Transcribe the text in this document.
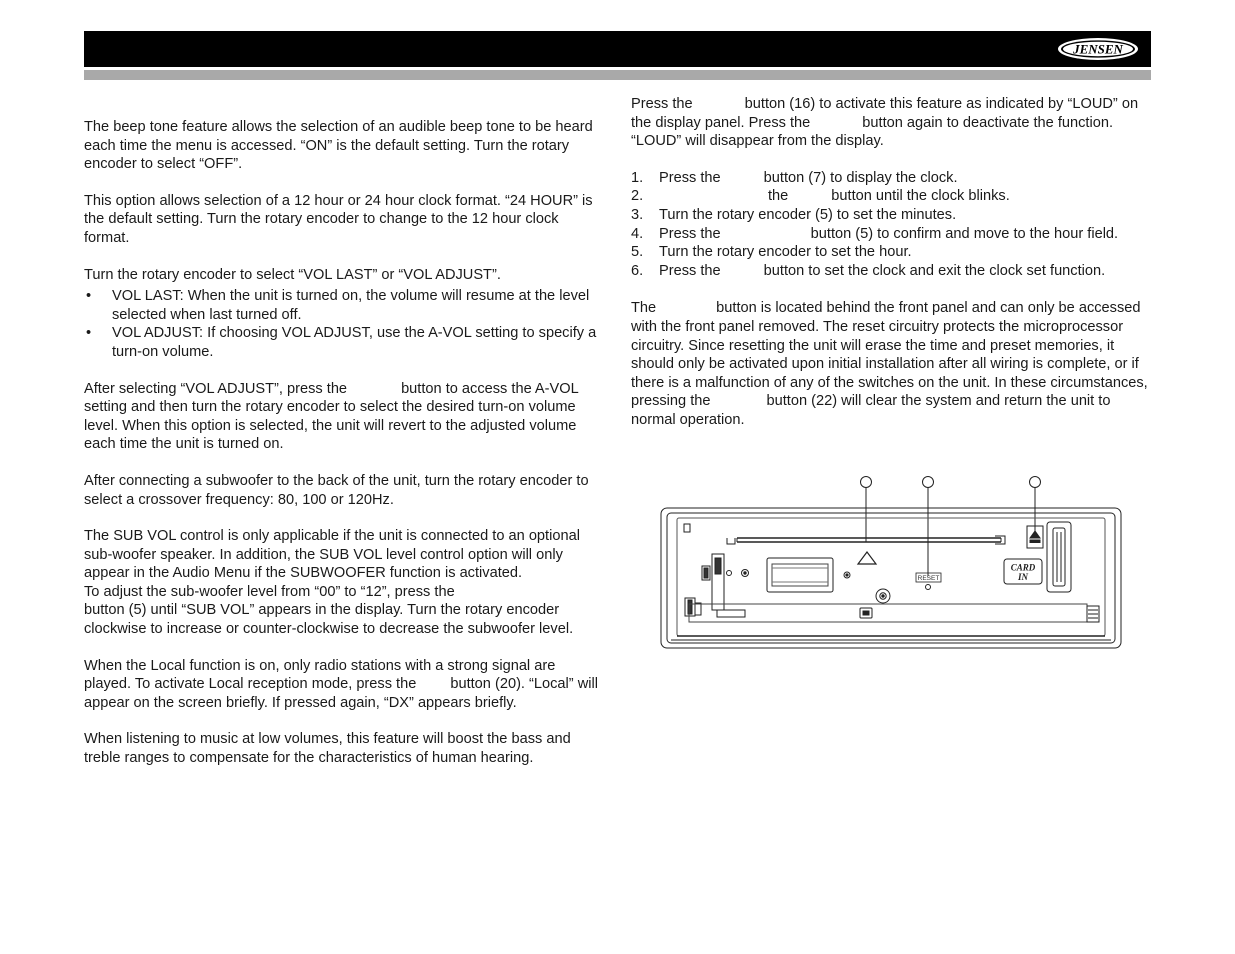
JENSEN

The beep tone feature allows the selection of an audible beep tone to be heard each time the menu is accessed. “ON” is the default setting. Turn the rotary encoder to select “OFF”.

This option allows selection of a 12 hour or 24 hour clock format. “24 HOUR” is the default setting. Turn the rotary encoder to change to the 12 hour clock format.

Turn the rotary encoder to select “VOL LAST” or “VOL ADJUST”.

• VOL LAST: When the unit is turned on, the volume will resume at the level selected when last turned off.
• VOL ADJUST: If choosing VOL ADJUST, use the A-VOL setting to specify a turn-on volume.

After selecting “VOL ADJUST”, press the	button to access the A-VOL setting and then turn the rotary encoder to select the desired turn-on volume level. When this option is selected, the unit will revert to the adjusted volume each time the unit is turned on.

After connecting a subwoofer to the back of the unit, turn the rotary encoder to select a crossover frequency: 80, 100 or 120Hz.

The SUB VOL control is only applicable if the unit is connected to an optional sub-woofer speaker. In addition, the SUB VOL level control option will only appear in the Audio Menu if the SUBWOOFER function is activated.

To adjust the sub-woofer level from “00” to “12”, press the
button (5) until “SUB VOL” appears in the display. Turn the rotary encoder clockwise to increase or counter-clockwise to decrease the subwoofer level.

When the Local function is on, only radio stations with a strong signal are played. To activate Local reception mode, press the button (20). “Local” will appear on the screen briefly. If pressed again, “DX” appears briefly.

When listening to music at low volumes, this feature will boost the bass and treble ranges to compensate for the characteristics of human hearing.

Press the	button (16) to activate this feature as indicated by “LOUD” on the display panel. Press the	button again to deactivate the function. “LOUD” will disappear from the display.

1. Press the	button (7) to display the clock.
2.	the	button until the clock blinks.
3. Turn the rotary encoder (5) to set the minutes.
4. Press the	button (5) to confirm and move to the hour field.
5. Turn the rotary encoder to set the hour.
6. Press the	button to set the clock and exit the clock set function.

The	button is located behind the front panel and can only be accessed with the front panel removed. The reset circuitry protects the microprocessor circuitry. Since resetting the unit will erase the time and preset memories, it should only be activated upon initial installation after all wiring is complete, or if there is a malfunction of any of the switches on the unit. In these circumstances, pressing the	button (22) will clear the system and return the unit to normal operation.

RESET
CARD
IN
